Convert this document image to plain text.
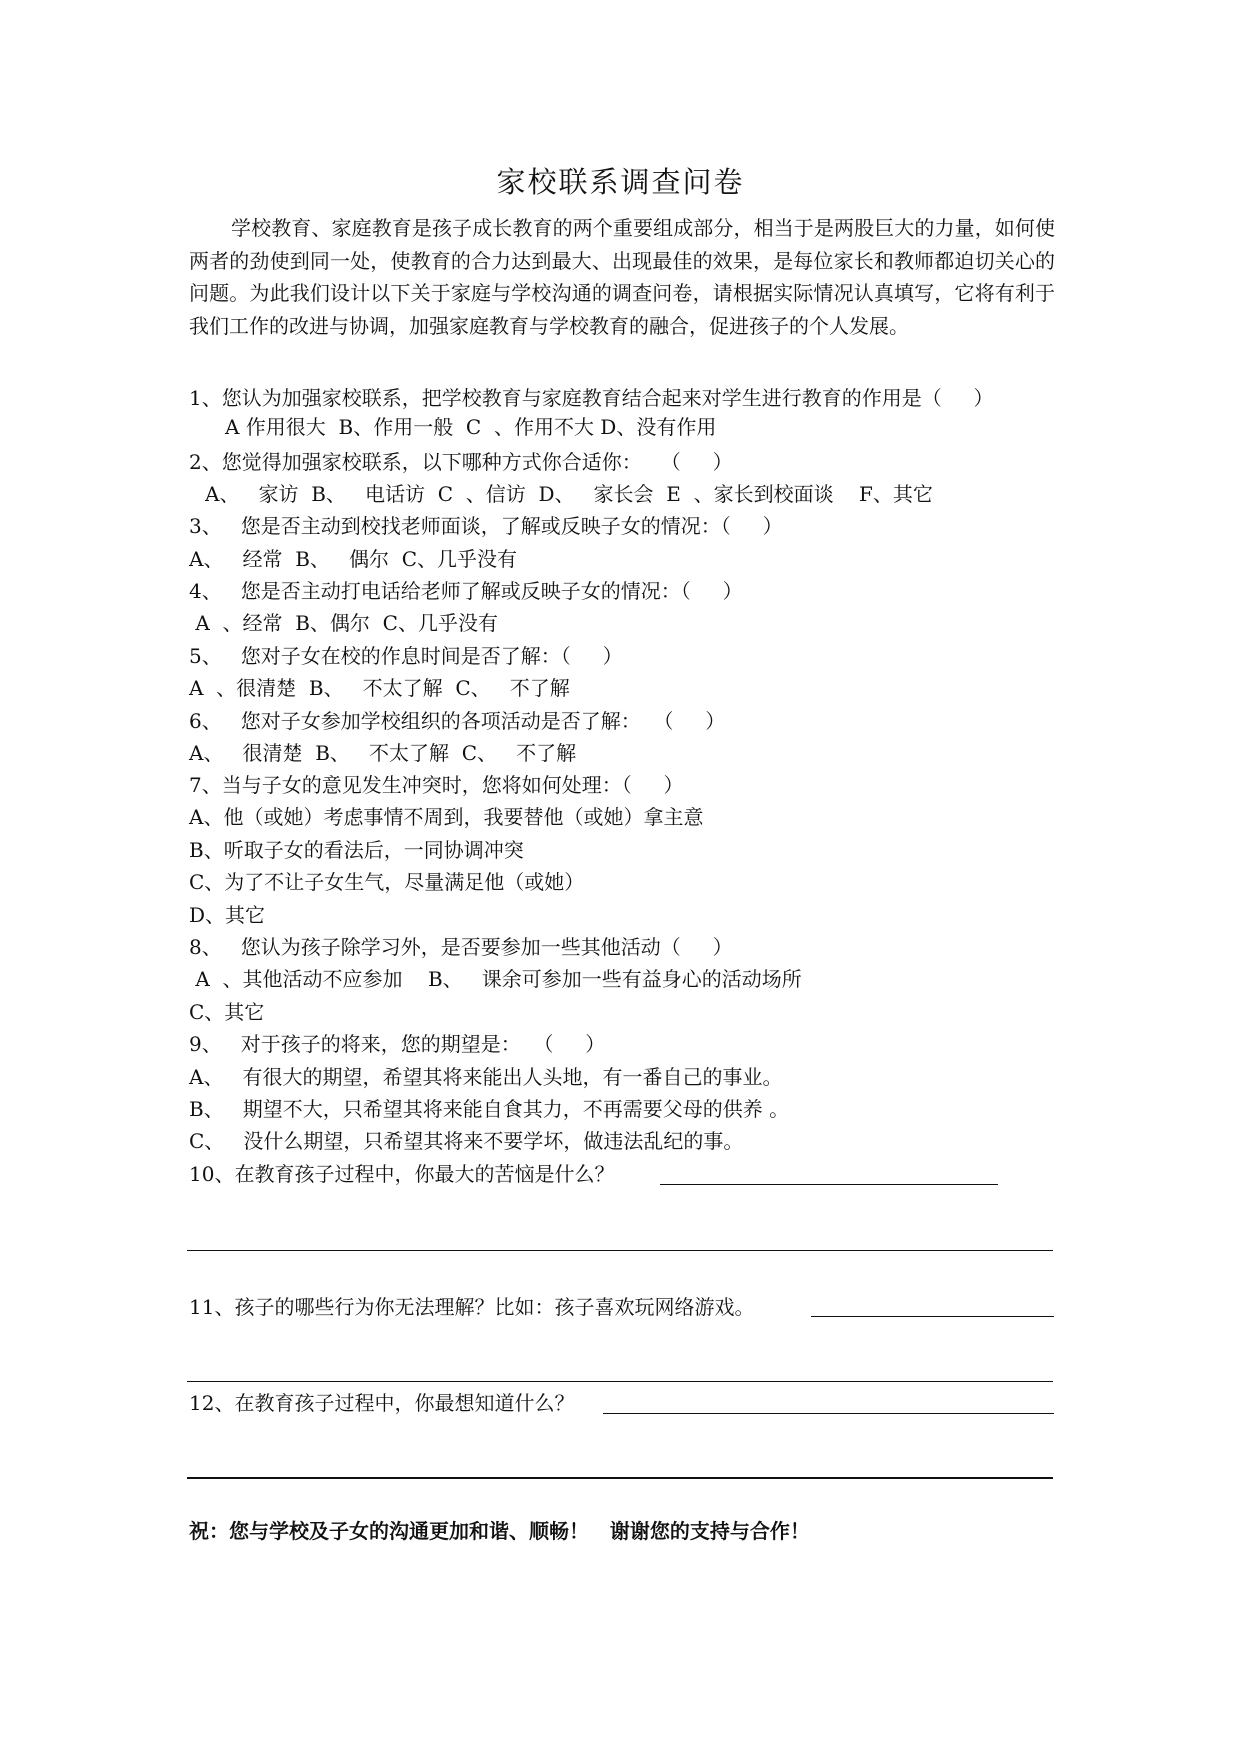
家校联系调查问卷

学校教育、家庭教育是孩子成长教育的两个重要组成部分，相当于是两股巨大的力量，如何使两者的劲使到同一处，使教育的合力达到最大、出现最佳的效果，是每位家长和教师都迫切关心的问题。为此我们设计以下关于家庭与学校沟通的调查问卷，请根据实际情况认真填写，它将有利于我们工作的改进与协调，加强家庭教育与学校教育的融合，促进孩子的个人发展。

1、您认为加强家校联系，把学校教育与家庭教育结合起来对学生进行教育的作用是（     ）
A 作用很大  B、作用一般  C  、作用不大 D、没有作用
2、您觉得加强家校联系，以下哪种方式你合适你：   （     ）
A、   家访  B、   电话访  C  、信访  D、   家长会  E  、家长到校面谈    F、其它
3、   您是否主动到校找老师面谈，了解或反映子女的情况：（     ）
A、   经常  B、   偶尔  C、几乎没有
4、   您是否主动打电话给老师了解或反映子女的情况：（     ）
A  、经常  B、偶尔  C、几乎没有
5、   您对子女在校的作息时间是否了解：（     ）
A  、很清楚  B、   不太了解  C、   不了解
6、   您对子女参加学校组织的各项活动是否了解：  （     ）
A、   很清楚  B、   不太了解  C、   不了解
7、当与子女的意见发生冲突时，您将如何处理：（     ）
A、他（或她）考虑事情不周到，我要替他（或她）拿主意
B、听取子女的看法后，一同协调冲突
C、为了不让子女生气，尽量满足他（或她）
D、其它
8、   您认为孩子除学习外，是否要参加一些其他活动（     ）
A  、其他活动不应参加    B、   课余可参加一些有益身心的活动场所
C、其它
9、   对于孩子的将来，您的期望是：  （     ）
A、   有很大的期望，希望其将来能出人头地，有一番自己的事业。
B、   期望不大，只希望其将来能自食其力，不再需要父母的供养 。
C、   没什么期望，只希望其将来不要学坏，做违法乱纪的事。
10、在教育孩子过程中，你最大的苦恼是什么？
11、孩子的哪些行为你无法理解？比如：孩子喜欢玩网络游戏。
12、在教育孩子过程中，你最想知道什么？
祝：您与学校及子女的沟通更加和谐、顺畅！   谢谢您的支持与合作！
